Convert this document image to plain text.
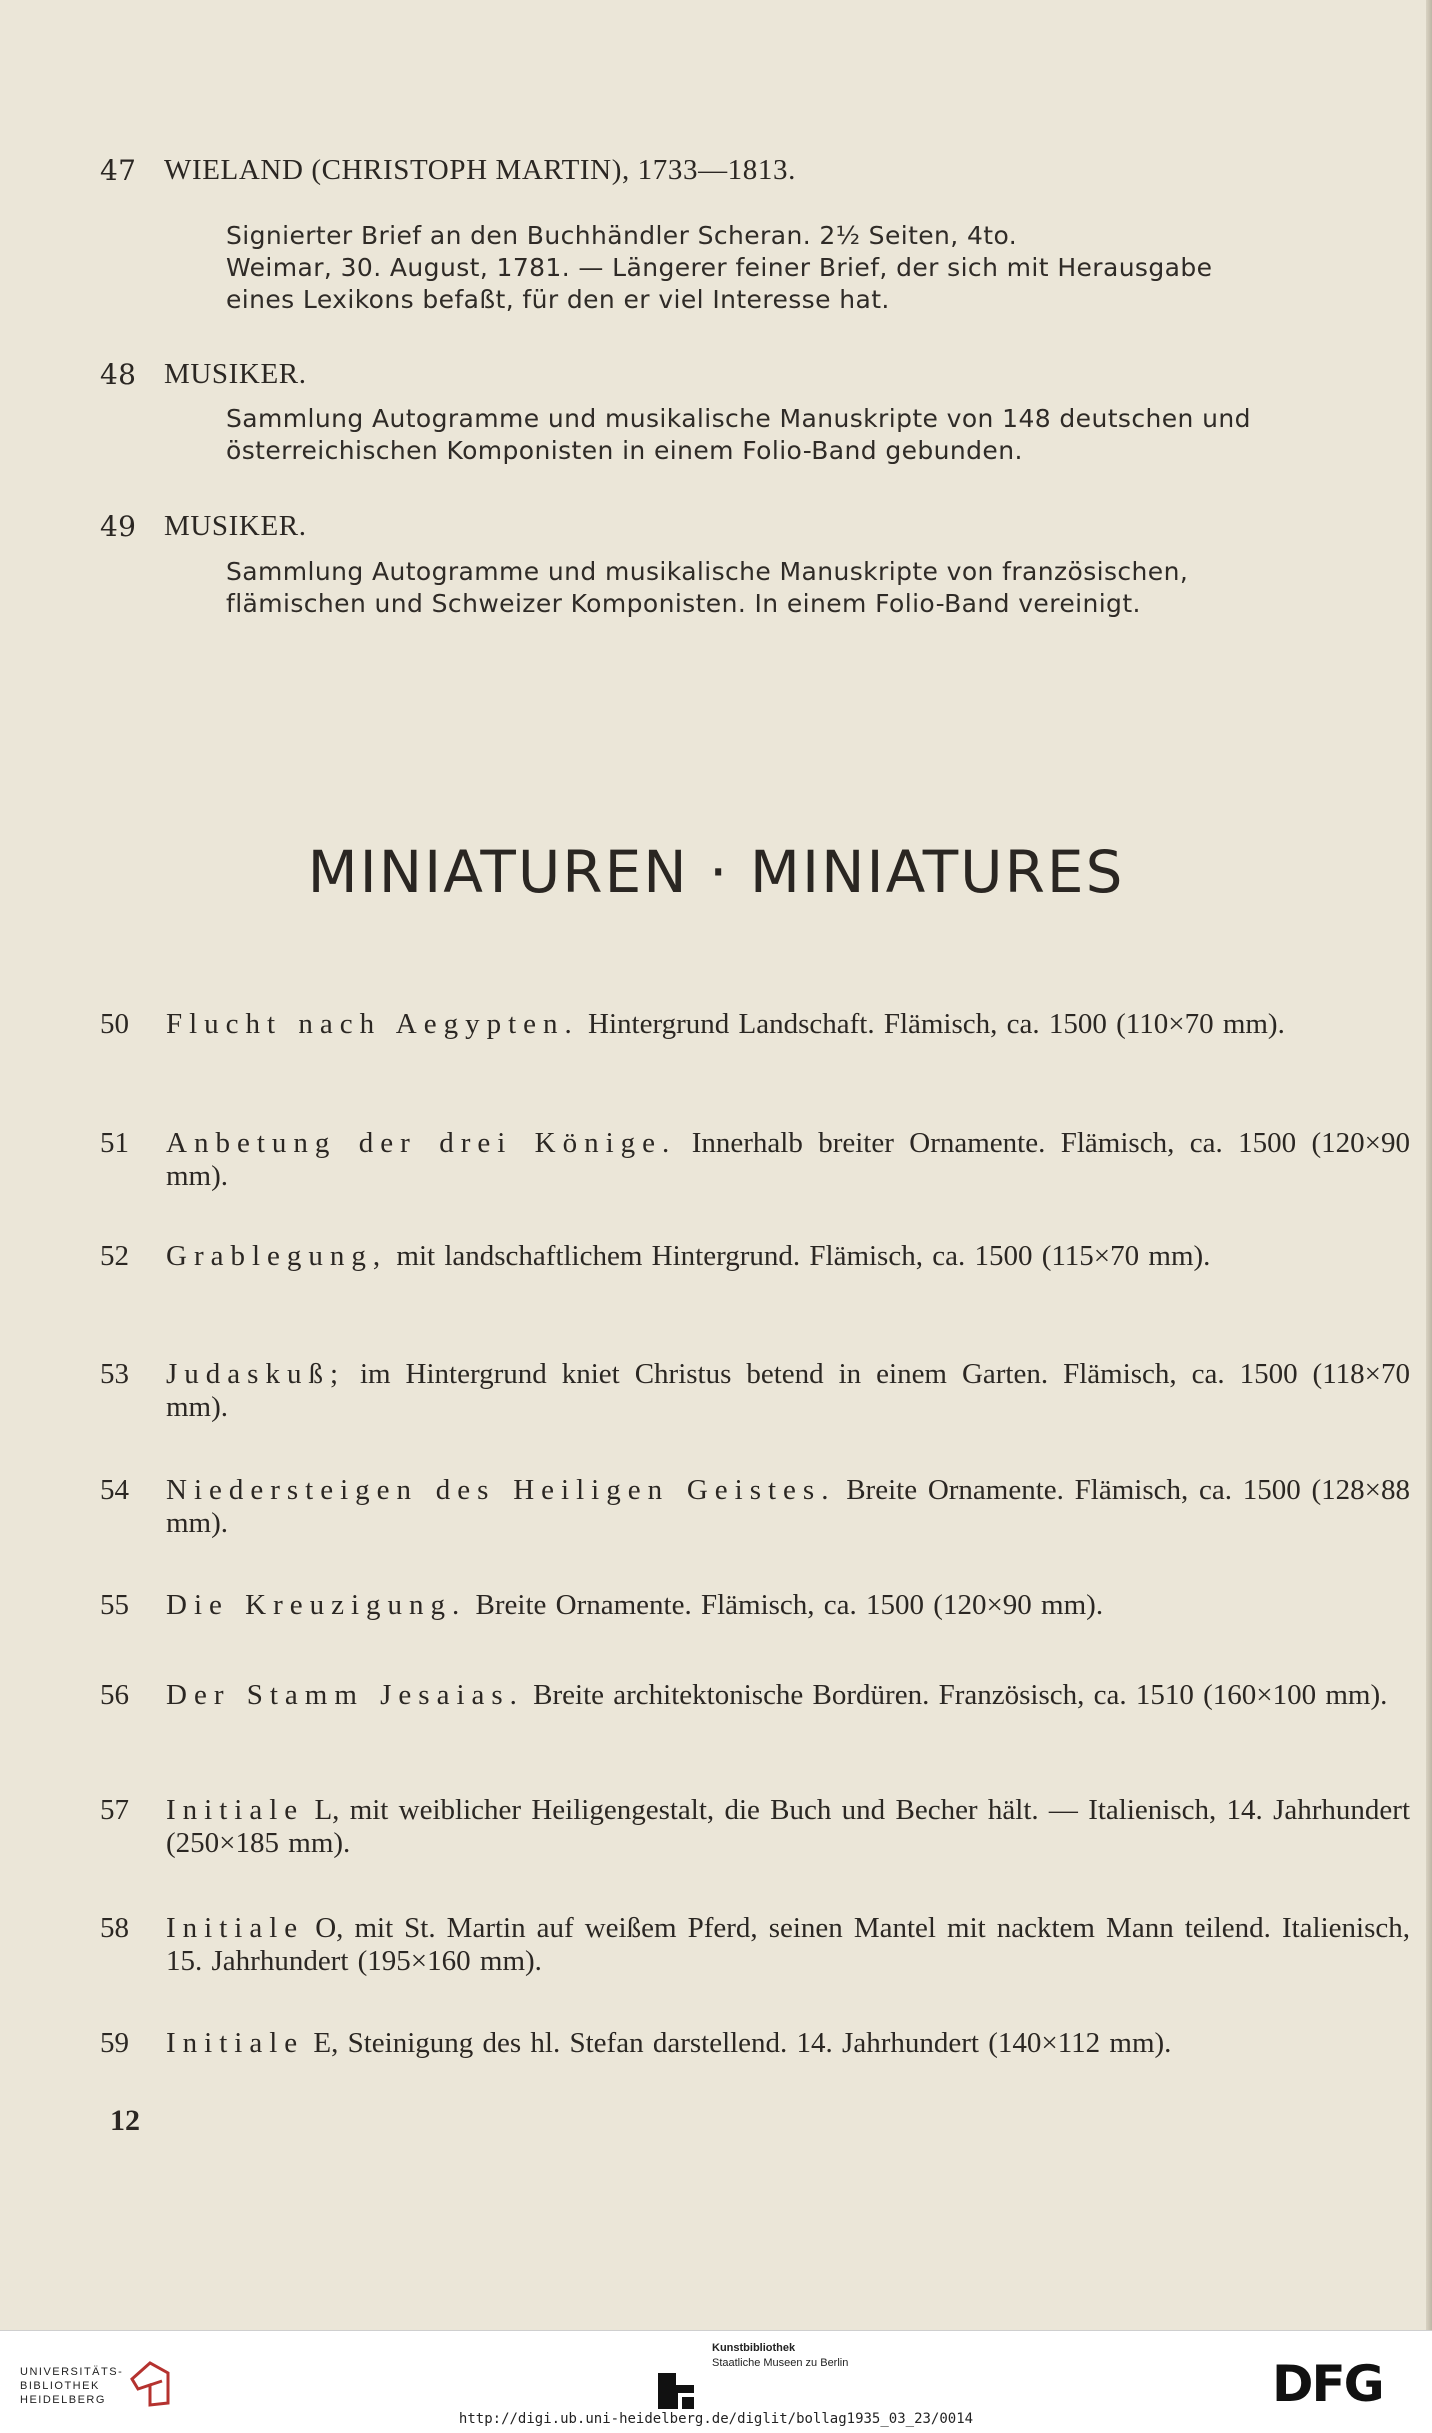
47 WIELAND (CHRISTOPH MARTIN), 1733—1813.
Signierter Brief an den Buchhändler Scheran. 2½ Seiten, 4to.
Weimar, 30. August, 1781. — Längerer feiner Brief, der sich mit Herausgabe
eines Lexikons befaßt, für den er viel Interesse hat.
48 MUSIKER.
Sammlung Autogramme und musikalische Manuskripte von 148 deutschen und
österreichischen Komponisten in einem Folio-Band gebunden.
49 MUSIKER.
Sammlung Autogramme und musikalische Manuskripte von französischen,
flämischen und Schweizer Komponisten. In einem Folio-Band vereinigt.
MINIATUREN · MINIATURES
50 Flucht nach Aegypten. Hintergrund Landschaft. Flämisch, ca. 1500 (110×70 mm).
51 Anbetung der drei Könige. Innerhalb breiter Ornamente. Flämisch, ca. 1500 (120×90 mm).
52 Grablegung, mit landschaftlichem Hintergrund. Flämisch, ca. 1500 (115×70 mm).
53 Judaskuß; im Hintergrund kniet Christus betend in einem Garten. Flämisch, ca. 1500 (118×70 mm).
54 Niedersteigen des Heiligen Geistes. Breite Ornamente. Flämisch, ca. 1500 (128×88 mm).
55 Die Kreuzigung. Breite Ornamente. Flämisch, ca. 1500 (120×90 mm).
56 Der Stamm Jesaias. Breite architektonische Bordüren. Französisch, ca. 1510 (160×100 mm).
57 Initiale L, mit weiblicher Heiligengestalt, die Buch und Becher hält. — Italienisch, 14. Jahrhundert (250×185 mm).
58 Initiale O, mit St. Martin auf weißem Pferd, seinen Mantel mit nacktem Mann teilend. Italienisch, 15. Jahrhundert (195×160 mm).
59 Initiale E, Steinigung des hl. Stefan darstellend. 14. Jahrhundert (140×112 mm).
12
UNIVERSITÄTS-
BIBLIOTHEK
HEIDELBERG
Kunstbibliothek
Staatliche Museen zu Berlin	DFG
http://digi.ub.uni-heidelberg.de/diglit/bollag1935_03_23/0014
